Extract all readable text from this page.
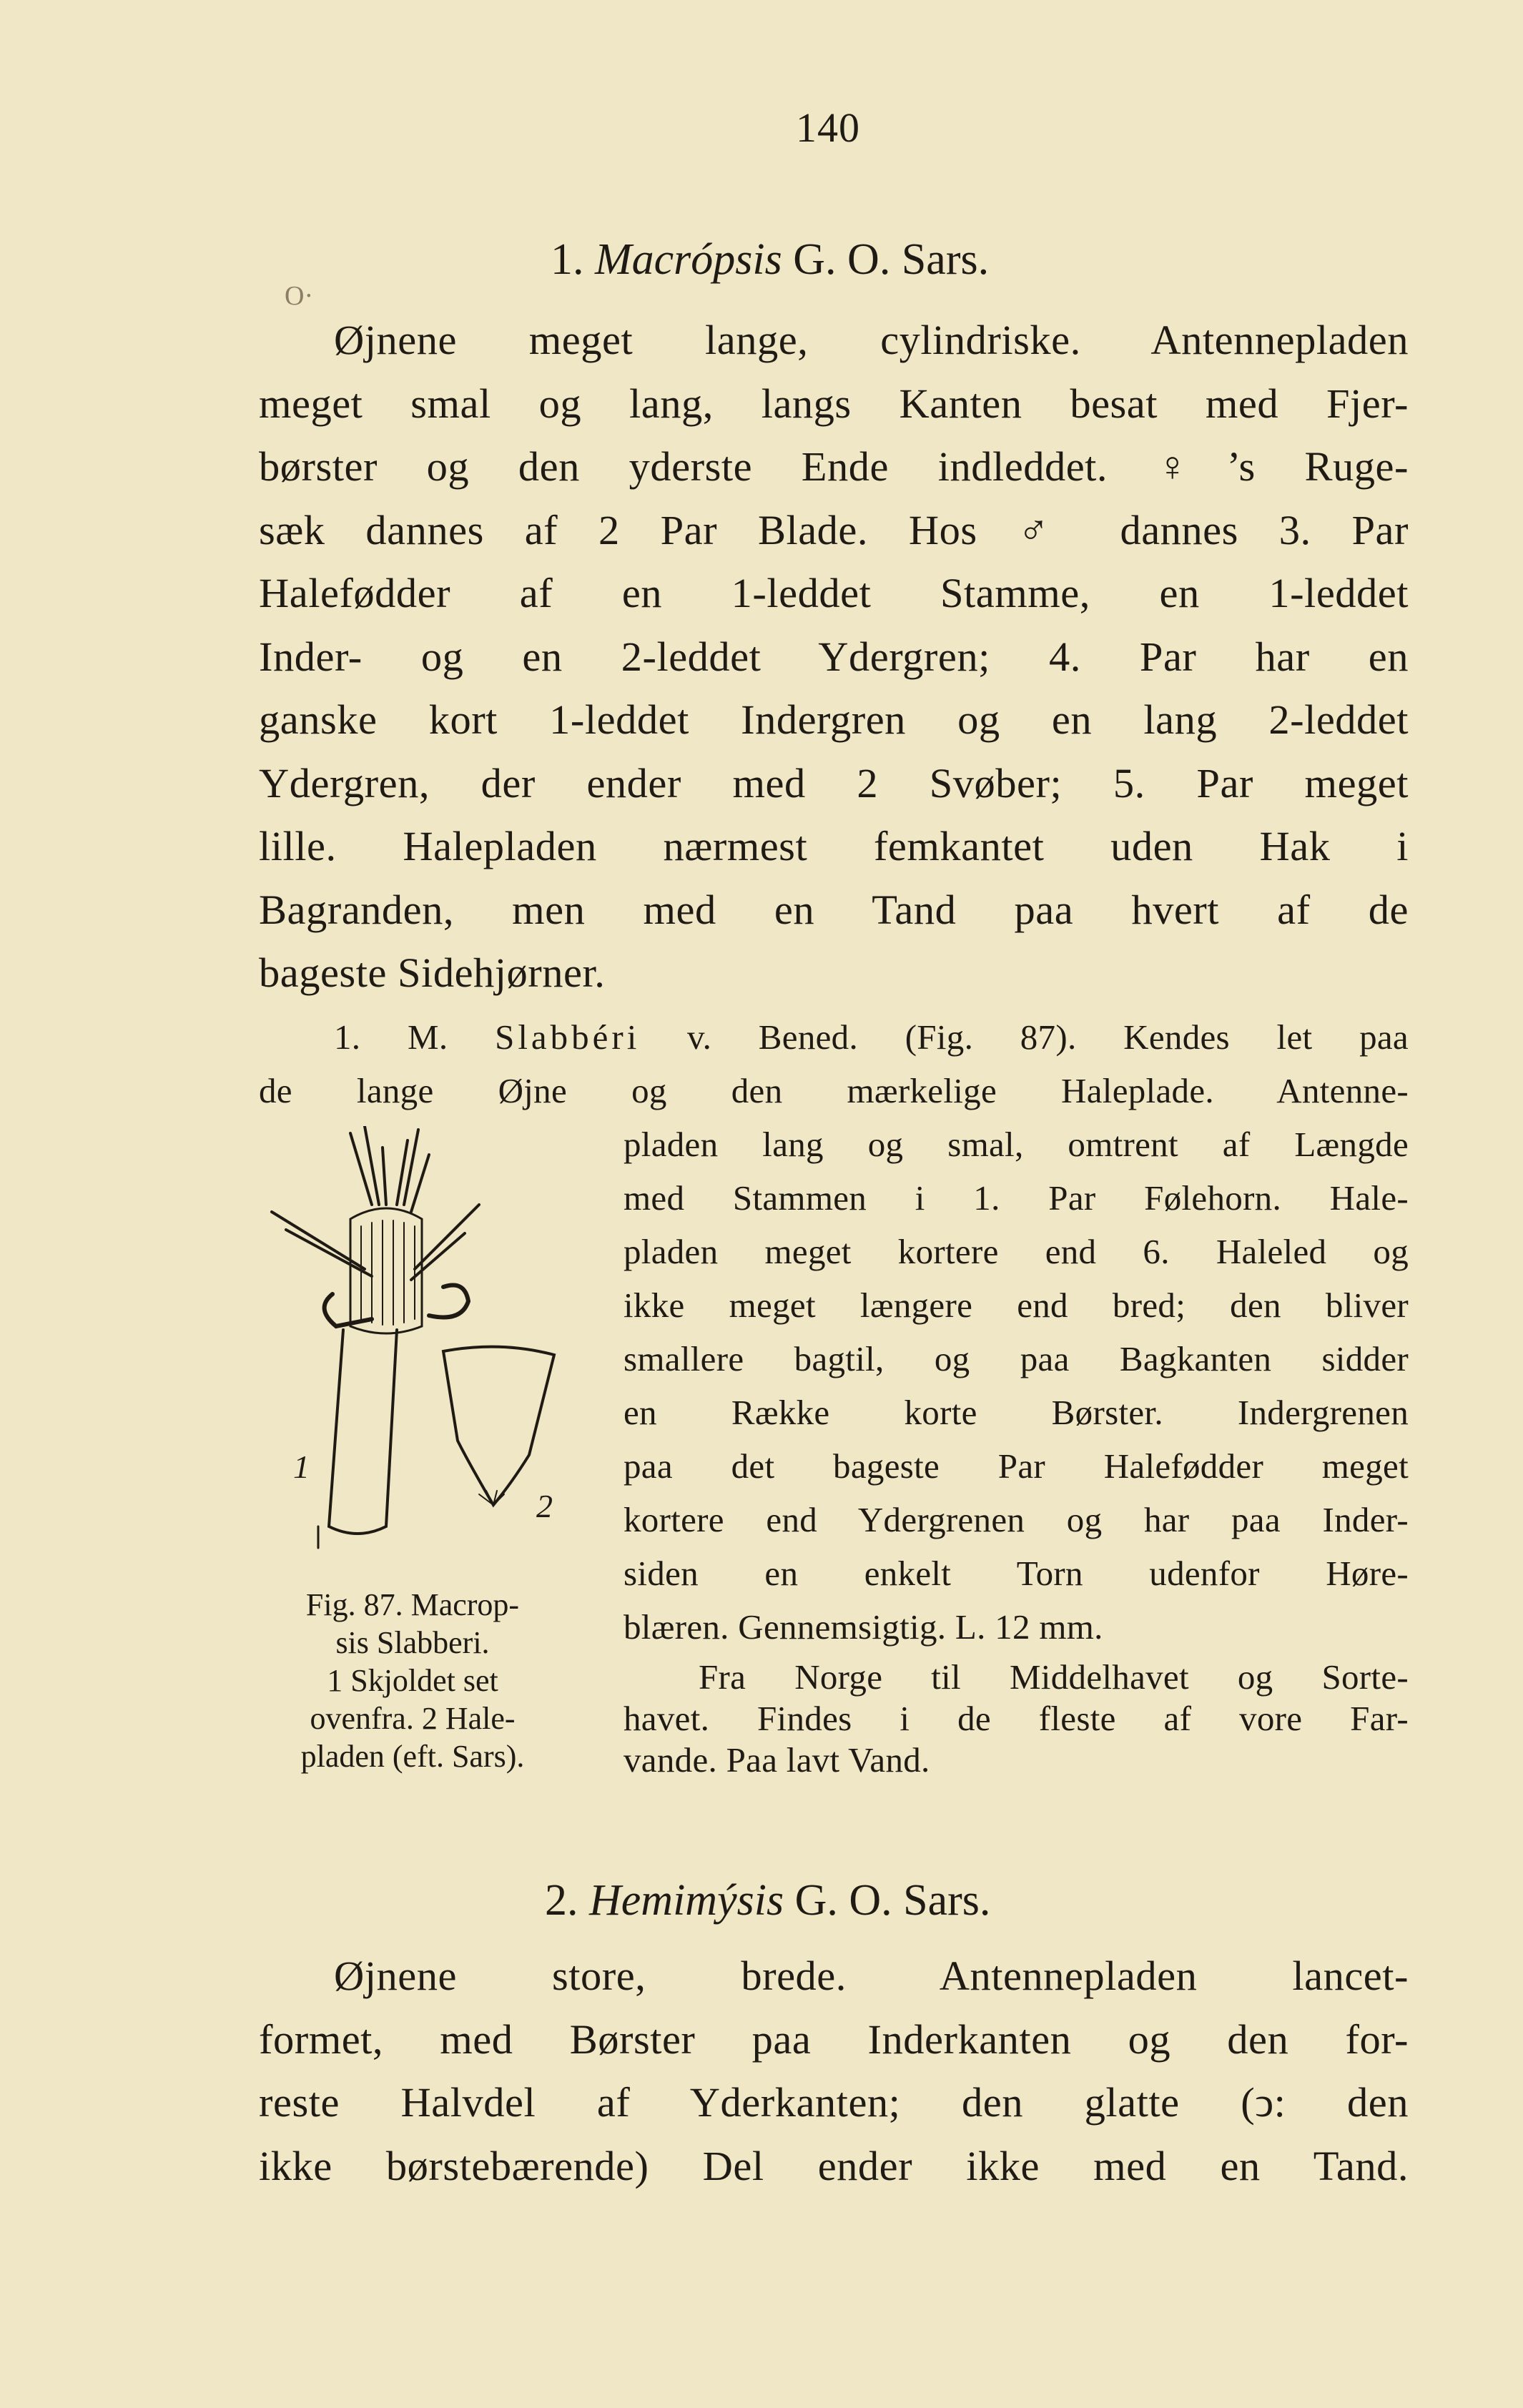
140
1. Macrópsis G. O. Sars.
O·
Øjnene meget lange, cylindriske. Antennepladen
meget smal og lang, langs Kanten besat med Fjer-
børster og den yderste Ende indleddet. ♀’s Ruge-
sæk dannes af 2 Par Blade. Hos ♂ dannes 3. Par
Halefødder af en 1-leddet Stamme, en 1-leddet
Inder- og en 2-leddet Ydergren; 4. Par har en
ganske kort 1-leddet Indergren og en lang 2-leddet
Ydergren, der ender med 2 Svøber; 5. Par meget
lille. Halepladen nærmest femkantet uden Hak i
Bagranden, men med en Tand paa hvert af de
bageste Sidehjørner.
1. M. Slabbéri v. Bened. (Fig. 87). Kendes let paa
de lange Øjne og den mærkelige Haleplade. Antenne-
pladen lang og smal, omtrent af Længde
med Stammen i 1. Par Følehorn. Hale-
pladen meget kortere end 6. Haleled og
ikke meget længere end bred; den bliver
smallere bagtil, og paa Bagkanten sidder
en Række korte Børster. Indergrenen
paa det bageste Par Halefødder meget
kortere end Ydergrenen og har paa Inder-
siden en enkelt Torn udenfor Høre-
blæren. Gennemsigtig. L. 12 mm.
Fra Norge til Middelhavet og Sorte-
havet. Findes i de fleste af vore Far-
vande. Paa lavt Vand.
1
2
Fig. 87. Macrop-
sis Slabberi.
1 Skjoldet set
ovenfra. 2 Hale-
pladen (eft. Sars).
2. Hemimýsis G. O. Sars.
Øjnene store, brede. Antennepladen lancet-
formet, med Børster paa Inderkanten og den for-
reste Halvdel af Yderkanten; den glatte (ↄ: den
ikke børstebærende) Del ender ikke med en Tand.
